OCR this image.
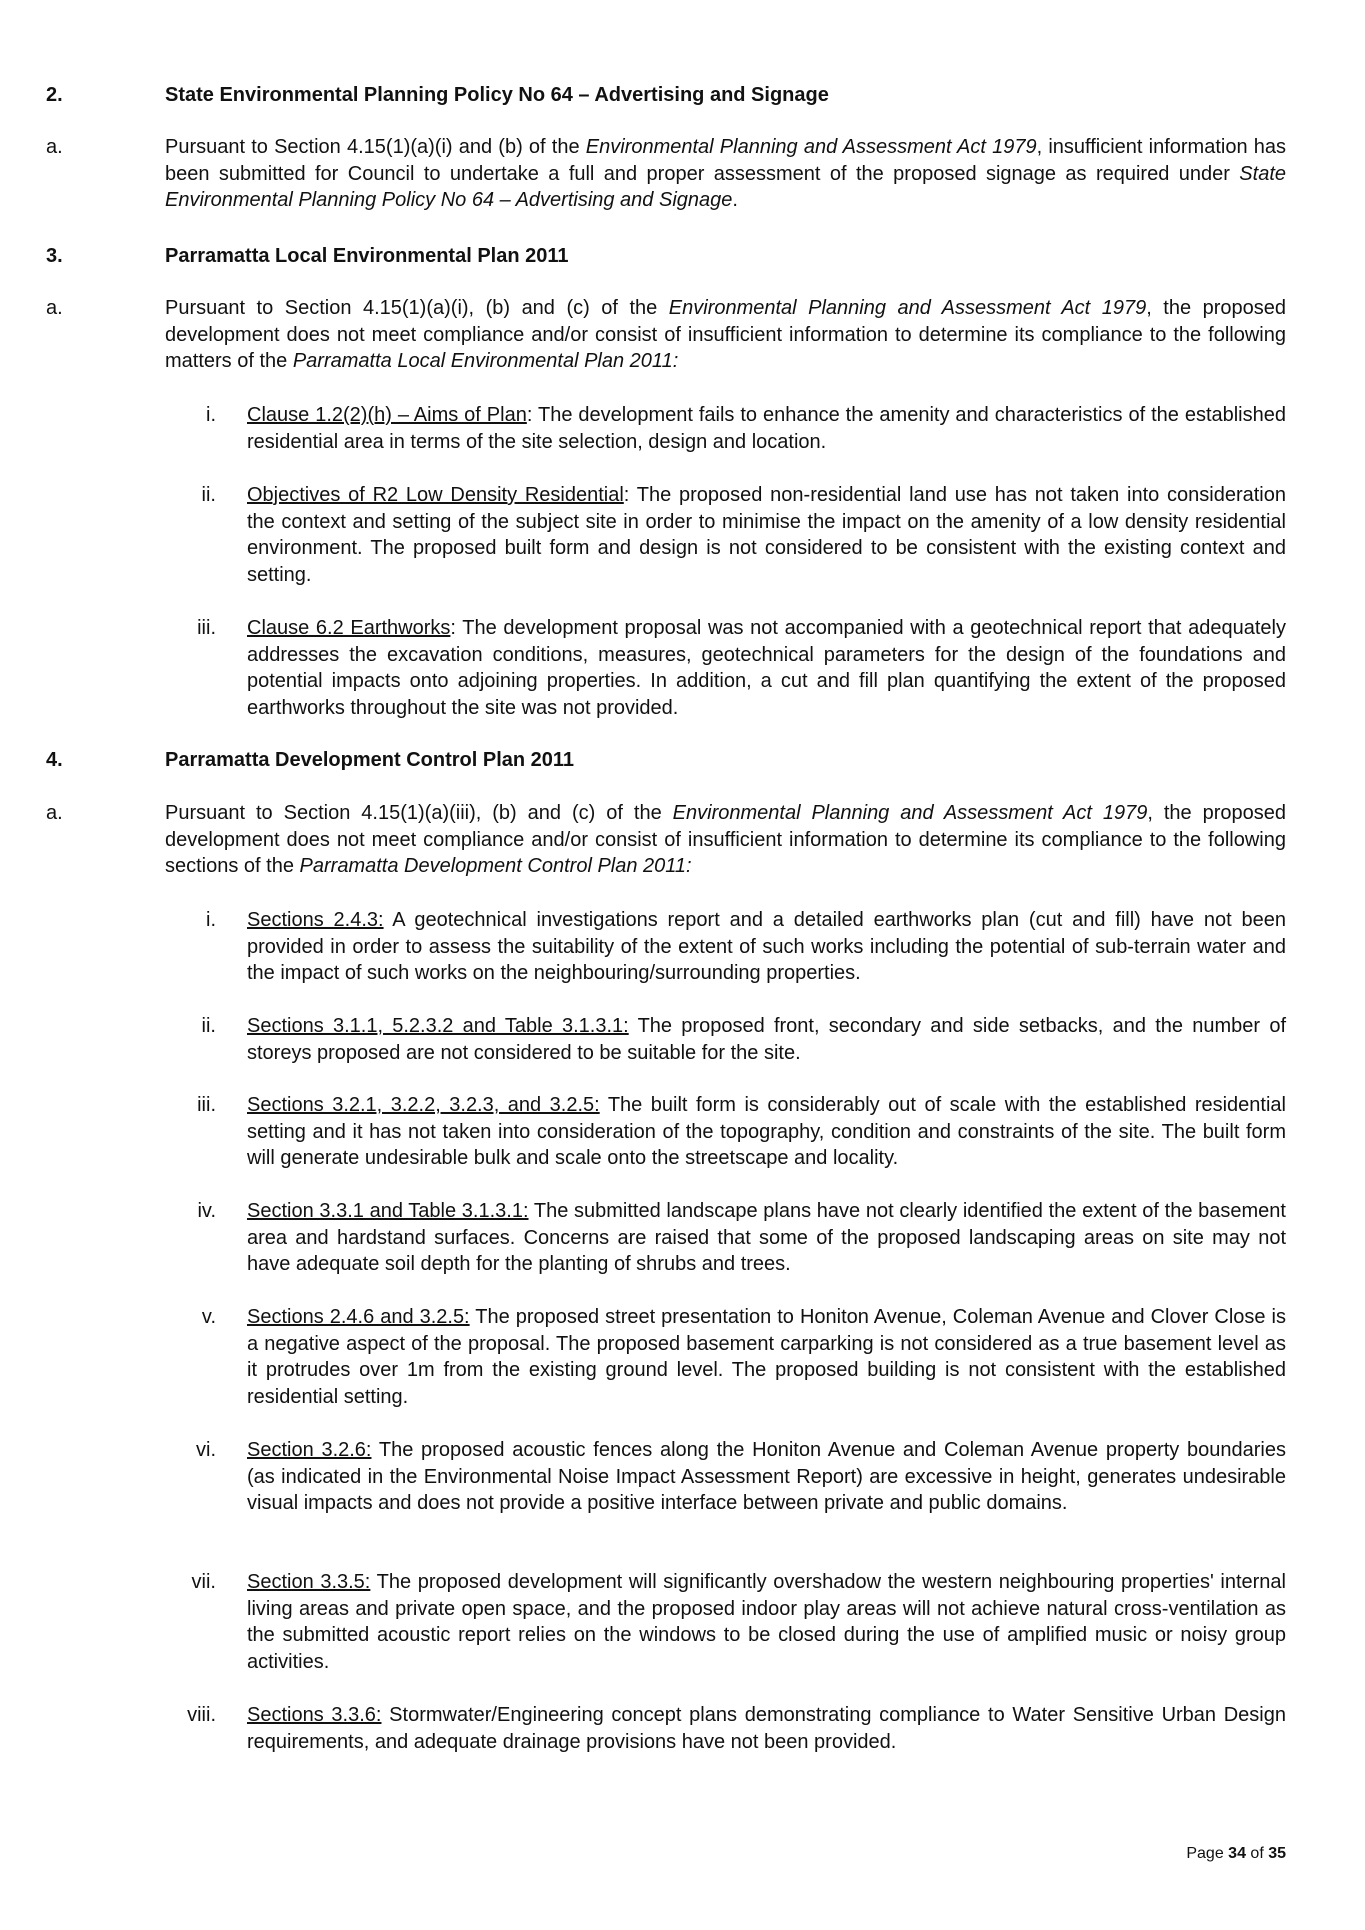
2.	State Environmental Planning Policy No 64 – Advertising and Signage
a.	Pursuant to Section 4.15(1)(a)(i) and (b) of the Environmental Planning and Assessment Act 1979, insufficient information has been submitted for Council to undertake a full and proper assessment of the proposed signage as required under State Environmental Planning Policy No 64 – Advertising and Signage.
3.	Parramatta Local Environmental Plan 2011
a.	Pursuant to Section 4.15(1)(a)(i), (b) and (c) of the Environmental Planning and Assessment Act 1979, the proposed development does not meet compliance and/or consist of insufficient information to determine its compliance to the following matters of the Parramatta Local Environmental Plan 2011:
i. Clause 1.2(2)(h) – Aims of Plan: The development fails to enhance the amenity and characteristics of the established residential area in terms of the site selection, design and location.
ii. Objectives of R2 Low Density Residential: The proposed non-residential land use has not taken into consideration the context and setting of the subject site in order to minimise the impact on the amenity of a low density residential environment. The proposed built form and design is not considered to be consistent with the existing context and setting.
iii. Clause 6.2 Earthworks: The development proposal was not accompanied with a geotechnical report that adequately addresses the excavation conditions, measures, geotechnical parameters for the design of the foundations and potential impacts onto adjoining properties. In addition, a cut and fill plan quantifying the extent of the proposed earthworks throughout the site was not provided.
4.	Parramatta Development Control Plan 2011
a.	Pursuant to Section 4.15(1)(a)(iii), (b) and (c) of the Environmental Planning and Assessment Act 1979, the proposed development does not meet compliance and/or consist of insufficient information to determine its compliance to the following sections of the Parramatta Development Control Plan 2011:
i. Sections 2.4.3: A geotechnical investigations report and a detailed earthworks plan (cut and fill) have not been provided in order to assess the suitability of the extent of such works including the potential of sub-terrain water and the impact of such works on the neighbouring/surrounding properties.
ii. Sections 3.1.1, 5.2.3.2 and Table 3.1.3.1: The proposed front, secondary and side setbacks, and the number of storeys proposed are not considered to be suitable for the site.
iii. Sections 3.2.1, 3.2.2, 3.2.3, and 3.2.5: The built form is considerably out of scale with the established residential setting and it has not taken into consideration of the topography, condition and constraints of the site. The built form will generate undesirable bulk and scale onto the streetscape and locality.
iv. Section 3.3.1 and Table 3.1.3.1: The submitted landscape plans have not clearly identified the extent of the basement area and hardstand surfaces. Concerns are raised that some of the proposed landscaping areas on site may not have adequate soil depth for the planting of shrubs and trees.
v. Sections 2.4.6 and 3.2.5: The proposed street presentation to Honiton Avenue, Coleman Avenue and Clover Close is a negative aspect of the proposal. The proposed basement carparking is not considered as a true basement level as it protrudes over 1m from the existing ground level. The proposed building is not consistent with the established residential setting.
vi. Section 3.2.6: The proposed acoustic fences along the Honiton Avenue and Coleman Avenue property boundaries (as indicated in the Environmental Noise Impact Assessment Report) are excessive in height, generates undesirable visual impacts and does not provide a positive interface between private and public domains.
vii. Section 3.3.5: The proposed development will significantly overshadow the western neighbouring properties' internal living areas and private open space, and the proposed indoor play areas will not achieve natural cross-ventilation as the submitted acoustic report relies on the windows to be closed during the use of amplified music or noisy group activities.
viii. Sections 3.3.6: Stormwater/Engineering concept plans demonstrating compliance to Water Sensitive Urban Design requirements, and adequate drainage provisions have not been provided.
Page 34 of 35
